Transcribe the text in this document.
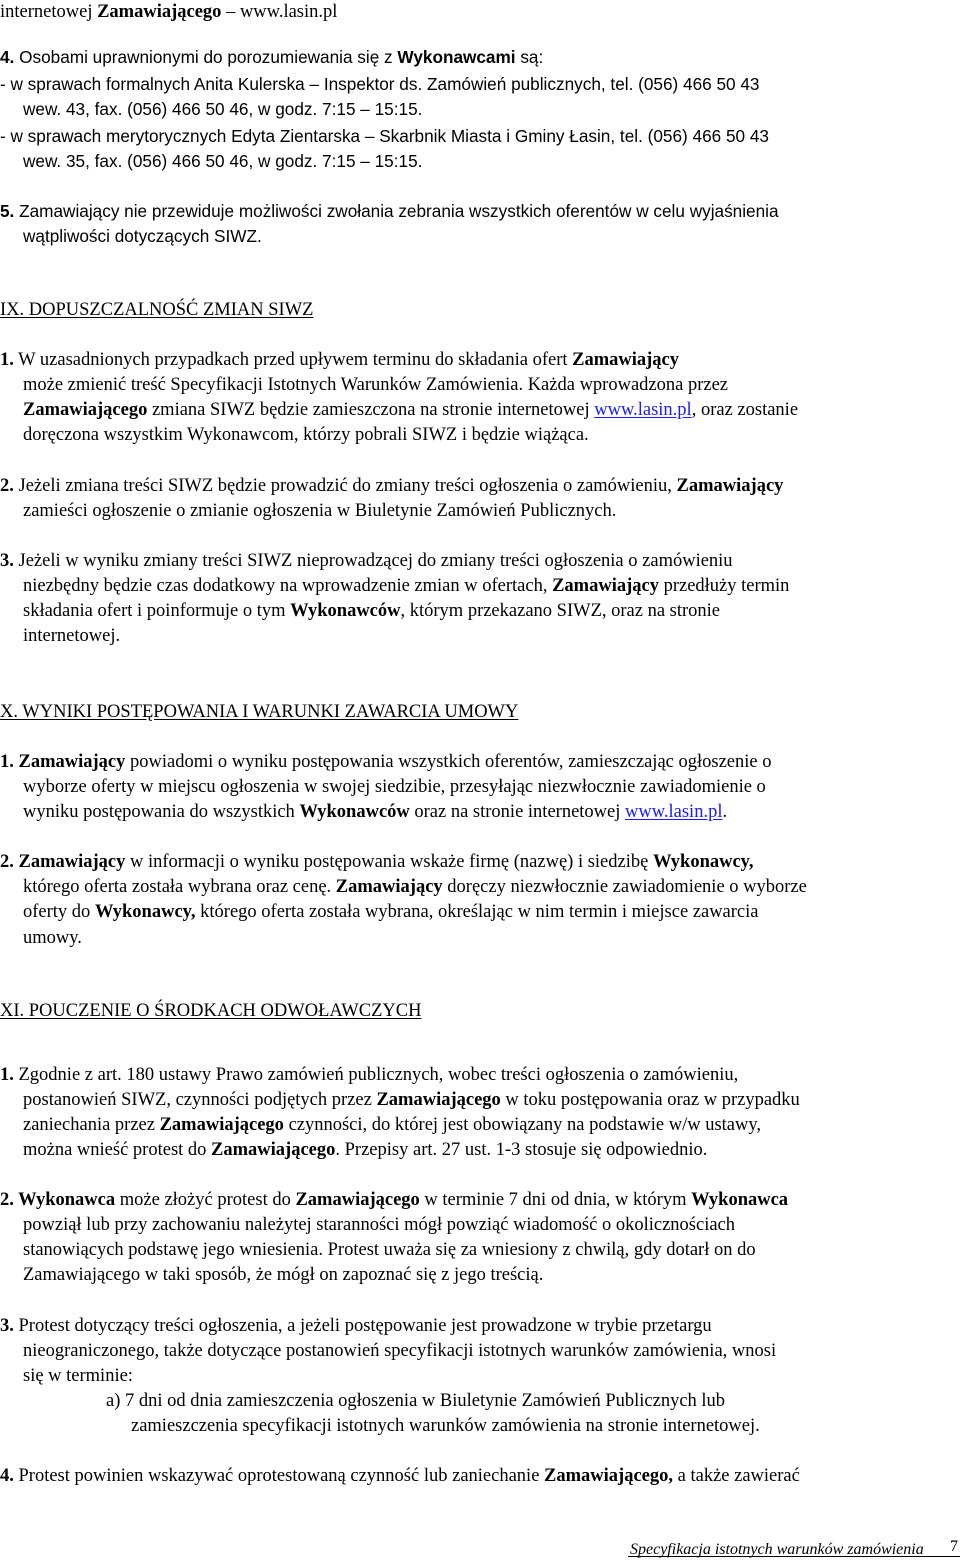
internetowej Zamawiającego – www.lasin.pl
4. Osobami uprawnionymi do porozumiewania się z Wykonawcami są:
- w sprawach formalnych Anita Kulerska – Inspektor ds. Zamówień publicznych, tel. (056) 466 50 43
wew. 43, fax. (056) 466 50 46, w godz. 7:15 – 15:15.
- w sprawach merytorycznych Edyta Zientarska – Skarbnik Miasta i Gminy Łasin, tel. (056) 466 50 43
wew. 35, fax. (056) 466 50 46, w godz. 7:15 – 15:15.
5. Zamawiający nie przewiduje możliwości zwołania zebrania wszystkich oferentów w celu wyjaśnienia
wątpliwości dotyczących SIWZ.
IX. DOPUSZCZALNOŚĆ ZMIAN SIWZ
1. W uzasadnionych przypadkach przed upływem terminu do składania ofert Zamawiający
może zmienić treść Specyfikacji Istotnych Warunków Zamówienia. Każda wprowadzona przez
Zamawiającego zmiana SIWZ będzie zamieszczona na stronie internetowej www.lasin.pl, oraz zostanie
doręczona wszystkim Wykonawcom, którzy pobrali SIWZ i będzie wiążąca.
2. Jeżeli zmiana treści SIWZ będzie prowadzić do zmiany treści ogłoszenia o zamówieniu, Zamawiający
zamieści ogłoszenie o zmianie ogłoszenia w Biuletynie Zamówień Publicznych.
3. Jeżeli w wyniku zmiany treści SIWZ nieprowadzącej do zmiany treści ogłoszenia o zamówieniu
niezbędny będzie czas dodatkowy na wprowadzenie zmian w ofertach, Zamawiający przedłuży termin
składania ofert i poinformuje o tym Wykonawców, którym przekazano SIWZ, oraz na stronie
internetowej.
X. WYNIKI POSTĘPOWANIA I WARUNKI ZAWARCIA UMOWY
1. Zamawiający powiadomi o wyniku postępowania wszystkich oferentów, zamieszczając ogłoszenie o
wyborze oferty w miejscu ogłoszenia w swojej siedzibie, przesyłając niezwłocznie zawiadomienie o
wyniku postępowania do wszystkich Wykonawców oraz na stronie internetowej www.lasin.pl.
2. Zamawiający w informacji o wyniku postępowania wskaże firmę (nazwę) i siedzibę Wykonawcy,
którego oferta została wybrana oraz cenę. Zamawiający doręczy niezwłocznie zawiadomienie o wyborze
oferty do Wykonawcy, którego oferta została wybrana, określając w nim termin i miejsce zawarcia
umowy.
XI. POUCZENIE O ŚRODKACH ODWOŁAWCZYCH
1. Zgodnie z art. 180 ustawy Prawo zamówień publicznych, wobec treści ogłoszenia o zamówieniu,
postanowień SIWZ, czynności podjętych przez Zamawiającego w toku postępowania oraz w przypadku
zaniechania przez Zamawiającego czynności, do której jest obowiązany na podstawie w/w ustawy,
można wnieść protest do Zamawiającego. Przepisy art. 27 ust. 1-3 stosuje się odpowiednio.
2. Wykonawca może złożyć protest do Zamawiającego w terminie 7 dni od dnia, w którym Wykonawca
powziął lub przy zachowaniu należytej staranności mógł powziąć wiadomość o okolicznościach
stanowiących podstawę jego wniesienia. Protest uważa się za wniesiony z chwilą, gdy dotarł on do
Zamawiającego w taki sposób, że mógł on zapoznać się z jego treścią.
3. Protest dotyczący treści ogłoszenia, a jeżeli postępowanie jest prowadzone w trybie przetargu
nieograniczonego, także dotyczące postanowień specyfikacji istotnych warunków zamówienia, wnosi
się w terminie:
a) 7 dni od dnia zamieszczenia ogłoszenia w Biuletynie Zamówień Publicznych lub
zamieszczenia specyfikacji istotnych warunków zamówienia na stronie internetowej.
4. Protest powinien wskazywać oprotestowaną czynność lub zaniechanie Zamawiającego, a także zawierać
Specyfikacja istotnych warunków zamówienia 7
